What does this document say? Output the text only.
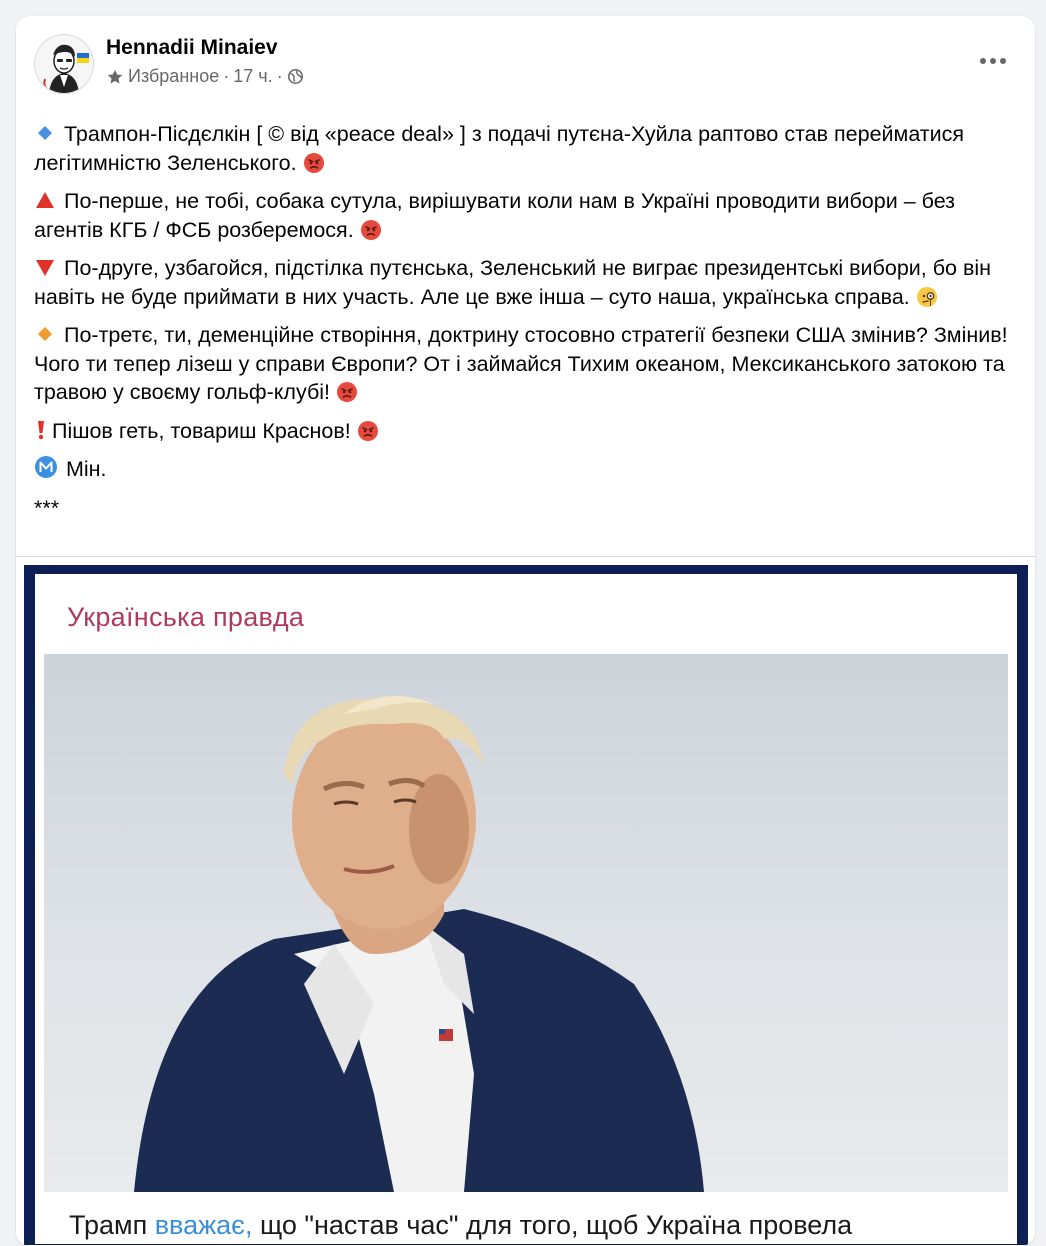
Hennadii Minaiev
Избранное · 17 ч. ·

Трампон-Пісдєлкін [ © від «peace deal» ] з подачі путєна-Хуйла раптово став перейматися легітимністю Зеленського.

По-перше, не тобі, собака сутула, вирішувати коли нам в Україні проводити вибори – без агентів КГБ / ФСБ розберемося.

По-друге, узбагойся, підстілка путєнська, Зеленський не виграє президентські вибори, бо він навіть не буде приймати в них участь. Але це вже інша – суто наша, українська справа.

По-третє, ти, деменційне створіння, доктрину стосовно стратегії безпеки США змінив? Змінив! Чого ти тепер лізеш у справи Європи? От і займайся Тихим океаном, Мексиканського затокою та травою у своєму гольф-клубі!

Пішов геть, товариш Краснов!

Мін.

***

Українська правда
Трамп вважає, що "настав час" для того, щоб Україна провела
